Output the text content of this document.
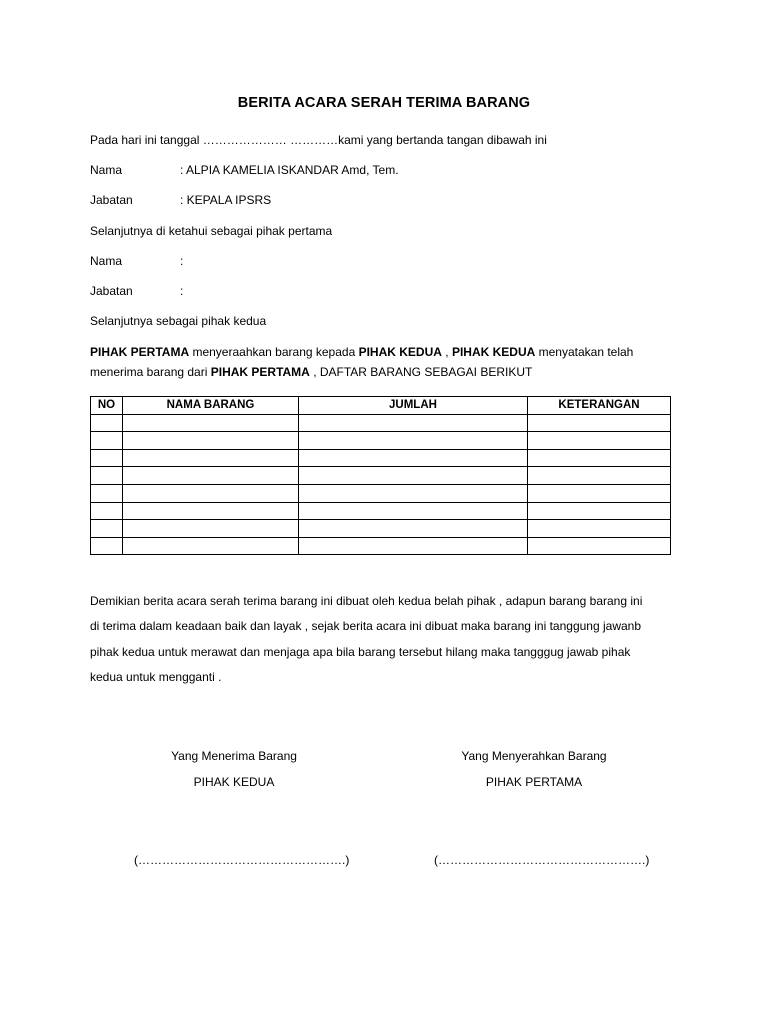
BERITA ACARA SERAH TERIMA BARANG
Pada hari ini tanggal ………………… …………kami yang bertanda tangan dibawah ini
Nama	: ALPIA KAMELIA ISKANDAR Amd, Tem.
Jabatan	: KEPALA IPSRS
Selanjutnya di ketahui sebagai pihak pertama
Nama	:
Jabatan	:
Selanjutnya sebagai pihak kedua
PIHAK PERTAMA menyeraahkan barang kepada PIHAK KEDUA , PIHAK KEDUA menyatakan telah
menerima barang dari PIHAK PERTAMA , DAFTAR BARANG SEBAGAI BERIKUT
NO	NAMA BARANG	JUMLAH	KETERANGAN

Demikian berita acara serah terima barang ini dibuat oleh kedua belah pihak , adapun barang barang ini
di terima dalam keadaan baik dan layak , sejak berita acara ini dibuat maka barang ini tanggung jawanb
pihak kedua untuk merawat dan menjaga apa bila barang tersebut hilang maka tangggug jawab pihak
kedua untuk mengganti .
Yang Menerima Barang
PIHAK KEDUA
(…………………………………………….)
Yang Menyerahkan Barang
PIHAK PERTAMA
(…………………………………………….)
